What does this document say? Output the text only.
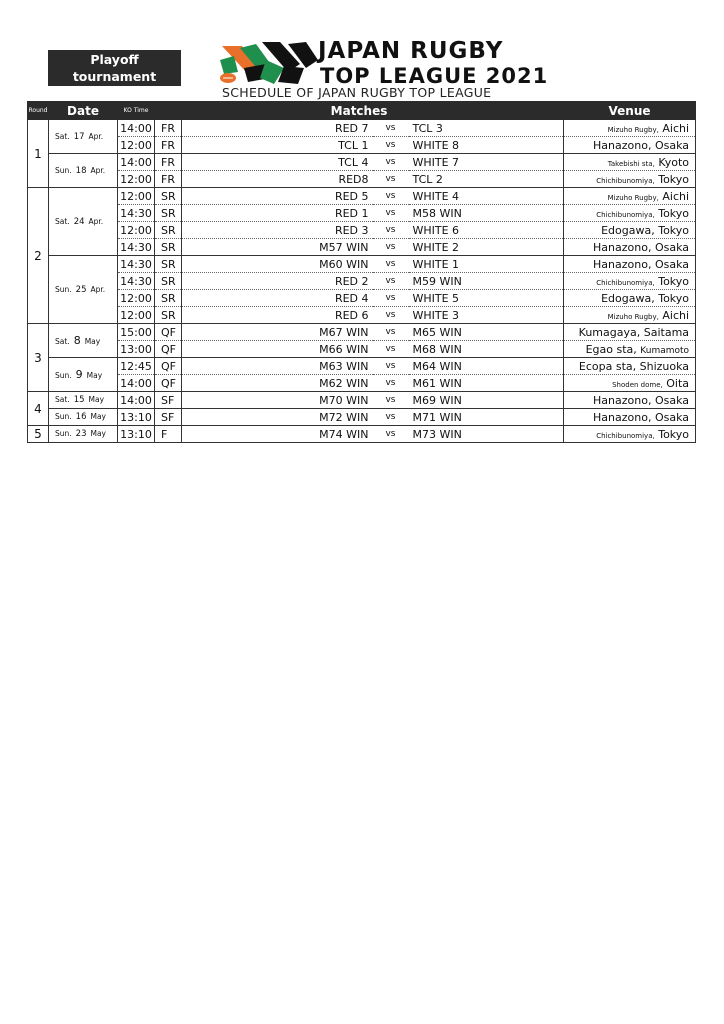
Playoff
tournament
JAPAN RUGBY
TOP LEAGUE 2021
SCHEDULE OF JAPAN RUGBY TOP LEAGUE
Round	Date	KO Time	Matches				Venue
1	Sat. 17 Apr.	14:00	FR	RED 7	vs	TCL 3	Mizuho Rugby, Aichi
		12:00	FR	TCL 1	vs	WHITE 8	Hanazono, Osaka
	Sun. 18 Apr.	14:00	FR	TCL 4	vs	WHITE 7	Takebishi sta, Kyoto
		12:00	FR	RED8	vs	TCL 2	Chichibunomiya, Tokyo
2	Sat. 24 Apr.	12:00	SR	RED 5	vs	WHITE 4	Mizuho Rugby, Aichi
		14:30	SR	RED 1	vs	M58 WIN	Chichibunomiya, Tokyo
		12:00	SR	RED 3	vs	WHITE 6	Edogawa, Tokyo
		14:30	SR	M57 WIN	vs	WHITE 2	Hanazono, Osaka
	Sun. 25 Apr.	14:30	SR	M60 WIN	vs	WHITE 1	Hanazono, Osaka
		14:30	SR	RED 2	vs	M59 WIN	Chichibunomiya, Tokyo
		12:00	SR	RED 4	vs	WHITE 5	Edogawa, Tokyo
		12:00	SR	RED 6	vs	WHITE 3	Mizuho Rugby, Aichi
3	Sat. 8 May	15:00	QF	M67 WIN	vs	M65 WIN	Kumagaya, Saitama
		13:00	QF	M66 WIN	vs	M68 WIN	Egao sta, Kumamoto
	Sun. 9 May	12:45	QF	M63 WIN	vs	M64 WIN	Ecopa sta, Shizuoka
		14:00	QF	M62 WIN	vs	M61 WIN	Shoden dome, Oita
4	Sat. 15 May	14:00	SF	M70 WIN	vs	M69 WIN	Hanazono, Osaka
	Sun. 16 May	13:10	SF	M72 WIN	vs	M71 WIN	Hanazono, Osaka
5	Sun. 23 May	13:10	F	M74 WIN	vs	M73 WIN	Chichibunomiya, Tokyo
